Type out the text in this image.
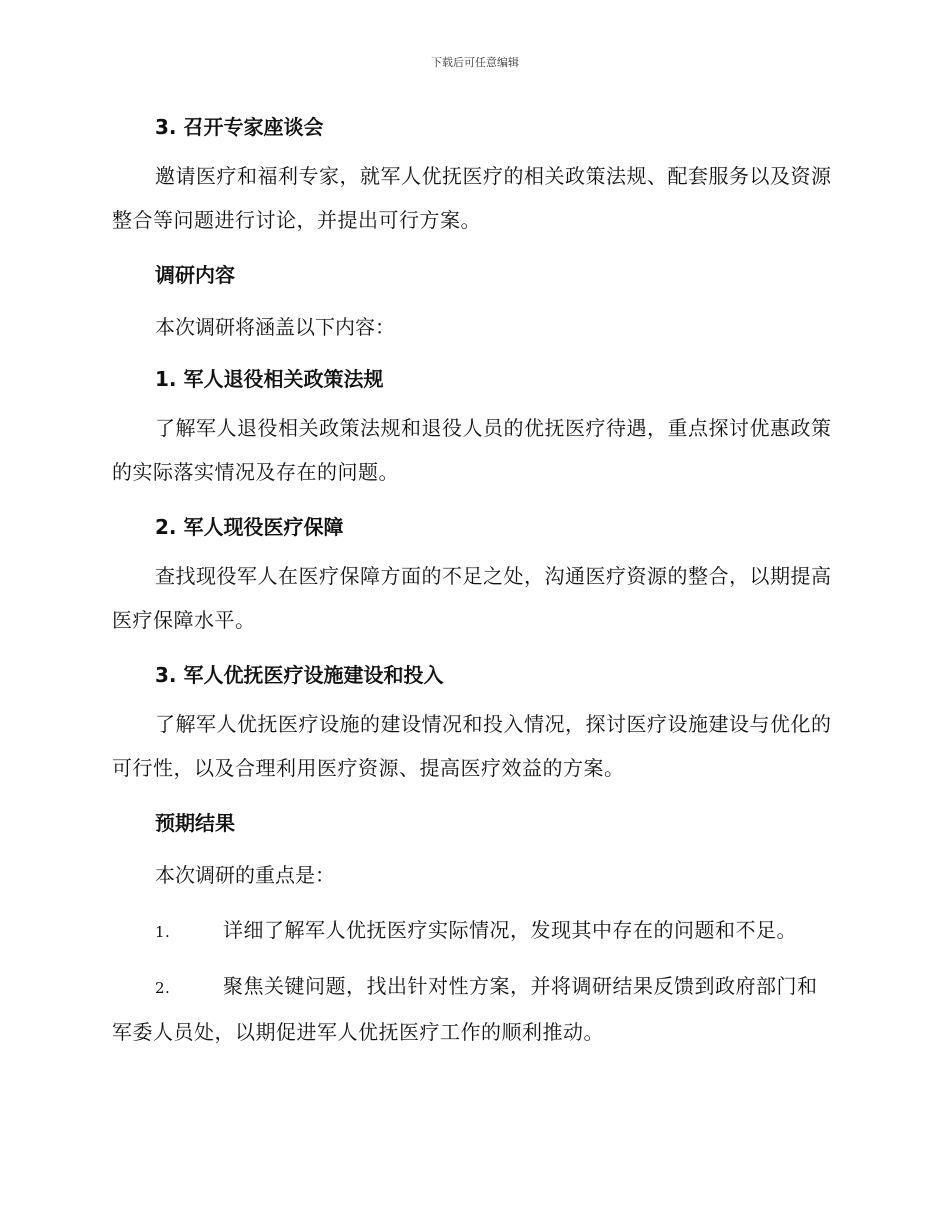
下载后可任意编辑

3. 召开专家座谈会

邀请医疗和福利专家，就军人优抚医疗的相关政策法规、配套服务以及资源整合等问题进行讨论，并提出可行方案。

调研内容

本次调研将涵盖以下内容：

1. 军人退役相关政策法规

了解军人退役相关政策法规和退役人员的优抚医疗待遇，重点探讨优惠政策的实际落实情况及存在的问题。

2. 军人现役医疗保障

查找现役军人在医疗保障方面的不足之处，沟通医疗资源的整合，以期提高医疗保障水平。

3. 军人优抚医疗设施建设和投入

了解军人优抚医疗设施的建设情况和投入情况，探讨医疗设施建设与优化的可行性，以及合理利用医疗资源、提高医疗效益的方案。

预期结果

本次调研的重点是：

1.	详细了解军人优抚医疗实际情况，发现其中存在的问题和不足。

2.	聚焦关键问题，找出针对性方案，并将调研结果反馈到政府部门和军委人员处，以期促进军人优抚医疗工作的顺利推动。
